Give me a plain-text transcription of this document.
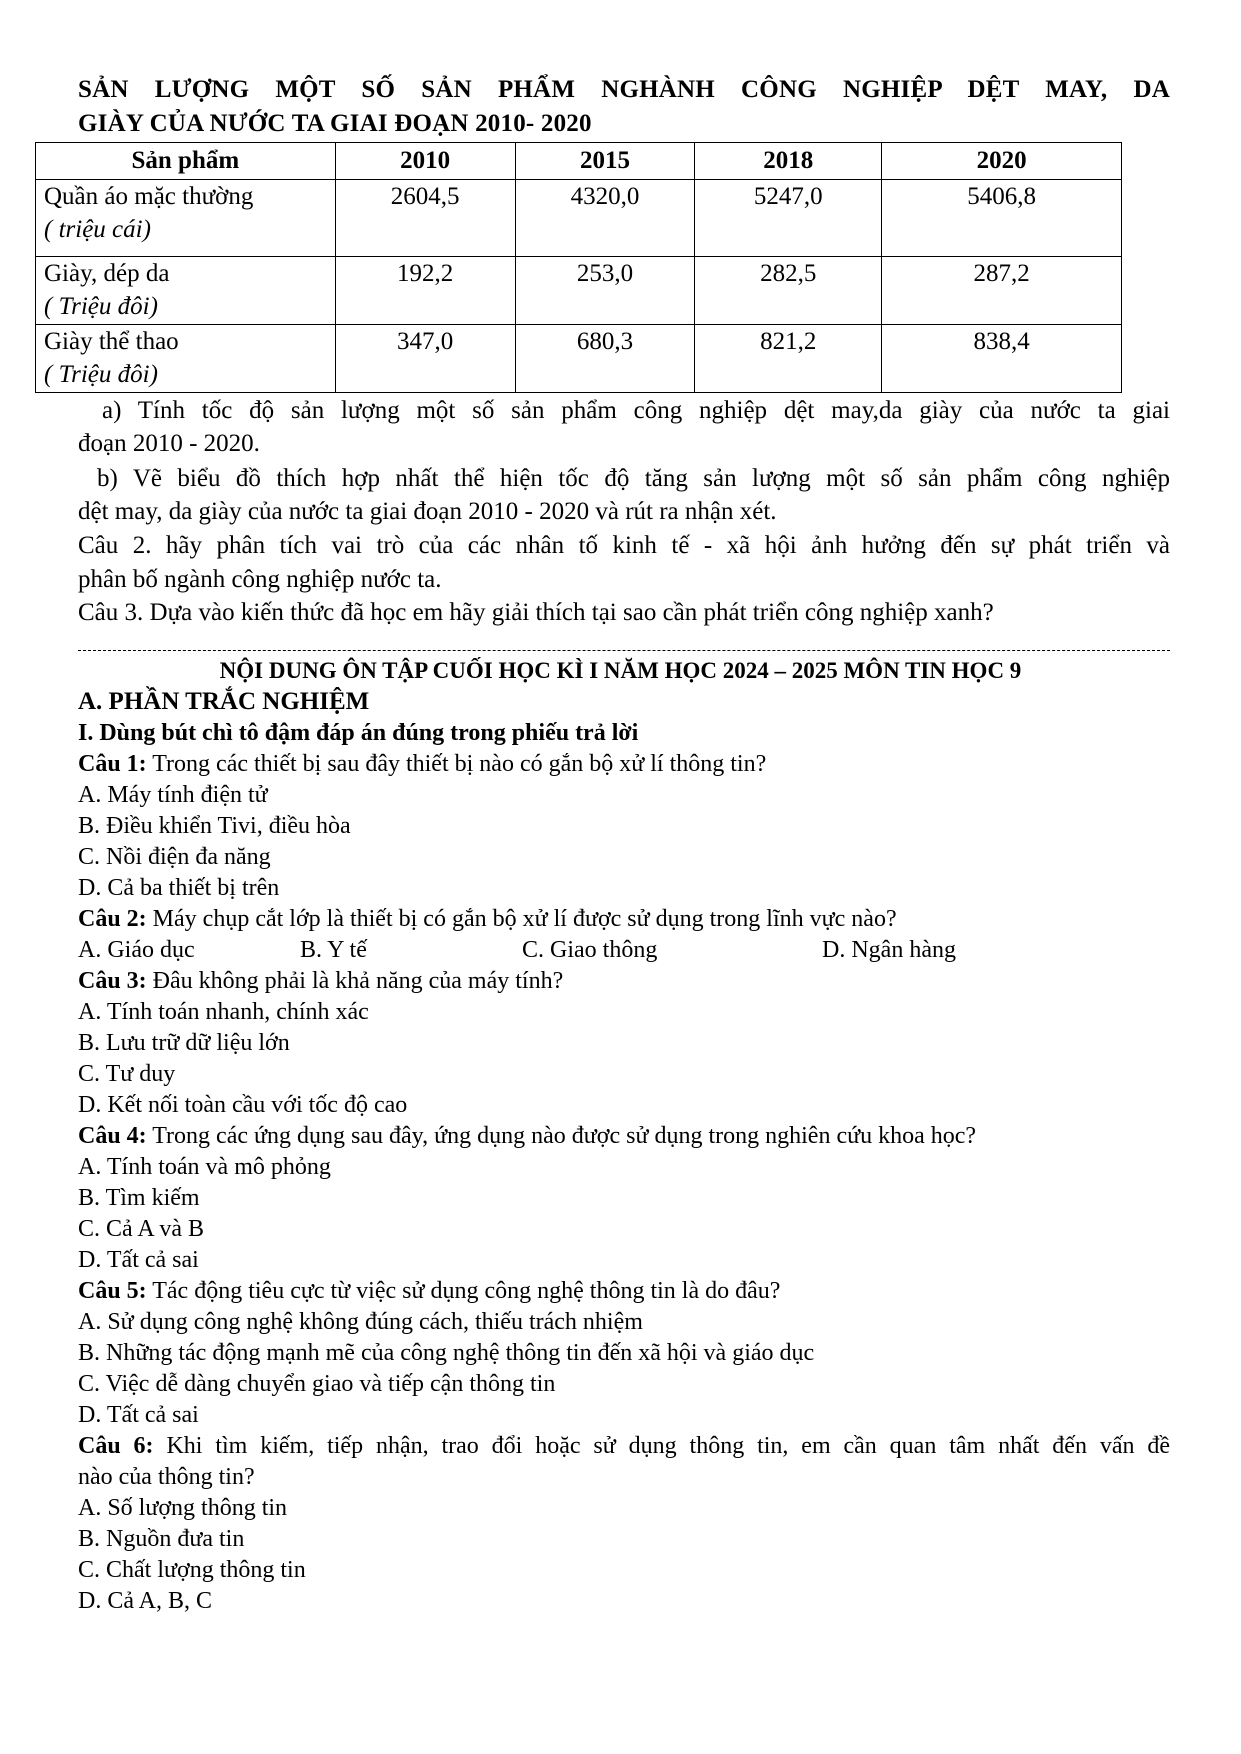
SẢN LƯỢNG MỘT SỐ SẢN PHẨM NGHÀNH CÔNG NGHIỆP DỆT MAY, DA
GIÀY CỦA NƯỚC TA GIAI ĐOẠN 2010- 2020
Sản phẩm	2010	2015	2018	2020

Quần áo mặc thường
( triệu cái)	2604,5	4320,0	5247,0	5406,8

Giày, dép da
( Triệu đôi)	192,2	253,0	282,5	287,2

Giày thể thao
( Triệu đôi)	347,0	680,3	821,2	838,4
a) Tính tốc độ sản lượng một số sản phẩm công nghiệp dệt may,da giày của nước ta giai
đoạn 2010 - 2020.
b) Vẽ biểu đồ thích hợp nhất thể hiện tốc độ tăng sản lượng một số sản phẩm công nghiệp
dệt may, da giày của nước ta giai đoạn 2010 - 2020 và rút ra nhận xét.
Câu 2. hãy phân tích vai trò của các nhân tố kinh tế - xã hội ảnh hưởng đến sự phát triển và
phân bố ngành công nghiệp nước ta.
Câu 3. Dựa vào kiến thức đã học em hãy giải thích tại sao cần phát triển công nghiệp xanh?
NỘI DUNG ÔN TẬP CUỐI HỌC KÌ I NĂM HỌC 2024 – 2025 MÔN TIN HỌC 9
A. PHẦN TRẮC NGHIỆM
I. Dùng bút chì tô đậm đáp án đúng trong phiếu trả lời
Câu 1: Trong các thiết bị sau đây thiết bị nào có gắn bộ xử lí thông tin?
A. Máy tính điện tử
B. Điều khiển Tivi, điều hòa
C. Nồi điện đa năng
D. Cả ba thiết bị trên
Câu 2: Máy chụp cắt lớp là thiết bị có gắn bộ xử lí được sử dụng trong lĩnh vực nào?
A. Giáo dục	B. Y tế	C. Giao thông	D. Ngân hàng
Câu 3: Đâu không phải là khả năng của máy tính?
A. Tính toán nhanh, chính xác
B. Lưu trữ dữ liệu lớn
C. Tư duy
D. Kết nối toàn cầu với tốc độ cao
Câu 4: Trong các ứng dụng sau đây, ứng dụng nào được sử dụng trong nghiên cứu khoa học?
A. Tính toán và mô phỏng
B. Tìm kiếm
C. Cả A và B
D. Tất cả sai
Câu 5: Tác động tiêu cực từ việc sử dụng công nghệ thông tin là do đâu?
A. Sử dụng công nghệ không đúng cách, thiếu trách nhiệm
B. Những tác động mạnh mẽ của công nghệ thông tin đến xã hội và giáo dục
C. Việc dễ dàng chuyển giao và tiếp cận thông tin
D. Tất cả sai
Câu 6: Khi tìm kiếm, tiếp nhận, trao đổi hoặc sử dụng thông tin, em cần quan tâm nhất đến vấn đề
nào của thông tin?
A. Số lượng thông tin
B. Nguồn đưa tin
C. Chất lượng thông tin
D. Cả A, B, C
